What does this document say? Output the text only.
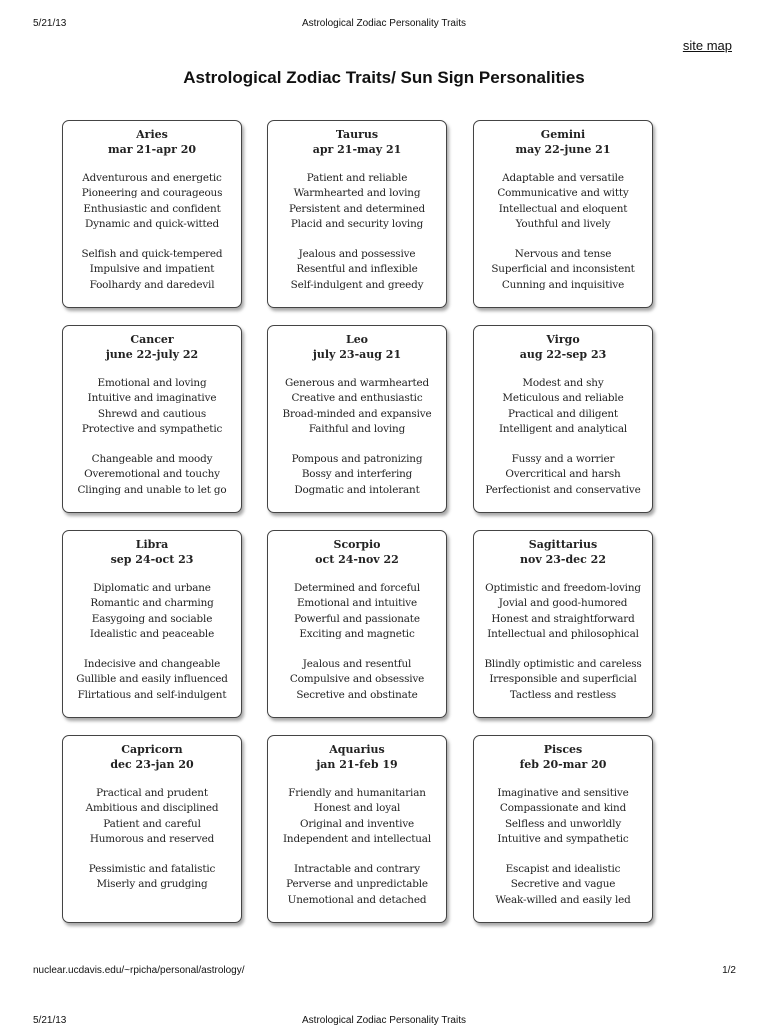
5/21/13	Astrological Zodiac Personality Traits
site map
Astrological Zodiac Traits/ Sun Sign Personalities
Aries
mar 21-apr 20
Adventurous and energetic
Pioneering and courageous
Enthusiastic and confident
Dynamic and quick-witted
Selfish and quick-tempered
Impulsive and impatient
Foolhardy and daredevil
Taurus
apr 21-may 21
Patient and reliable
Warmhearted and loving
Persistent and determined
Placid and security loving
Jealous and possessive
Resentful and inflexible
Self-indulgent and greedy
Gemini
may 22-june 21
Adaptable and versatile
Communicative and witty
Intellectual and eloquent
Youthful and lively
Nervous and tense
Superficial and inconsistent
Cunning and inquisitive
Cancer
june 22-july 22
Emotional and loving
Intuitive and imaginative
Shrewd and cautious
Protective and sympathetic
Changeable and moody
Overemotional and touchy
Clinging and unable to let go
Leo
july 23-aug 21
Generous and warmhearted
Creative and enthusiastic
Broad-minded and expansive
Faithful and loving
Pompous and patronizing
Bossy and interfering
Dogmatic and intolerant
Virgo
aug 22-sep 23
Modest and shy
Meticulous and reliable
Practical and diligent
Intelligent and analytical
Fussy and a worrier
Overcritical and harsh
Perfectionist and conservative
Libra
sep 24-oct 23
Diplomatic and urbane
Romantic and charming
Easygoing and sociable
Idealistic and peaceable
Indecisive and changeable
Gullible and easily influenced
Flirtatious and self-indulgent
Scorpio
oct 24-nov 22
Determined and forceful
Emotional and intuitive
Powerful and passionate
Exciting and magnetic
Jealous and resentful
Compulsive and obsessive
Secretive and obstinate
Sagittarius
nov 23-dec 22
Optimistic and freedom-loving
Jovial and good-humored
Honest and straightforward
Intellectual and philosophical
Blindly optimistic and careless
Irresponsible and superficial
Tactless and restless
Capricorn
dec 23-jan 20
Practical and prudent
Ambitious and disciplined
Patient and careful
Humorous and reserved
Pessimistic and fatalistic
Miserly and grudging
Aquarius
jan 21-feb 19
Friendly and humanitarian
Honest and loyal
Original and inventive
Independent and intellectual
Intractable and contrary
Perverse and unpredictable
Unemotional and detached
Pisces
feb 20-mar 20
Imaginative and sensitive
Compassionate and kind
Selfless and unworldly
Intuitive and sympathetic
Escapist and idealistic
Secretive and vague
Weak-willed and easily led
nuclear.ucdavis.edu/~rpicha/personal/astrology/	1/2
5/21/13	Astrological Zodiac Personality Traits
